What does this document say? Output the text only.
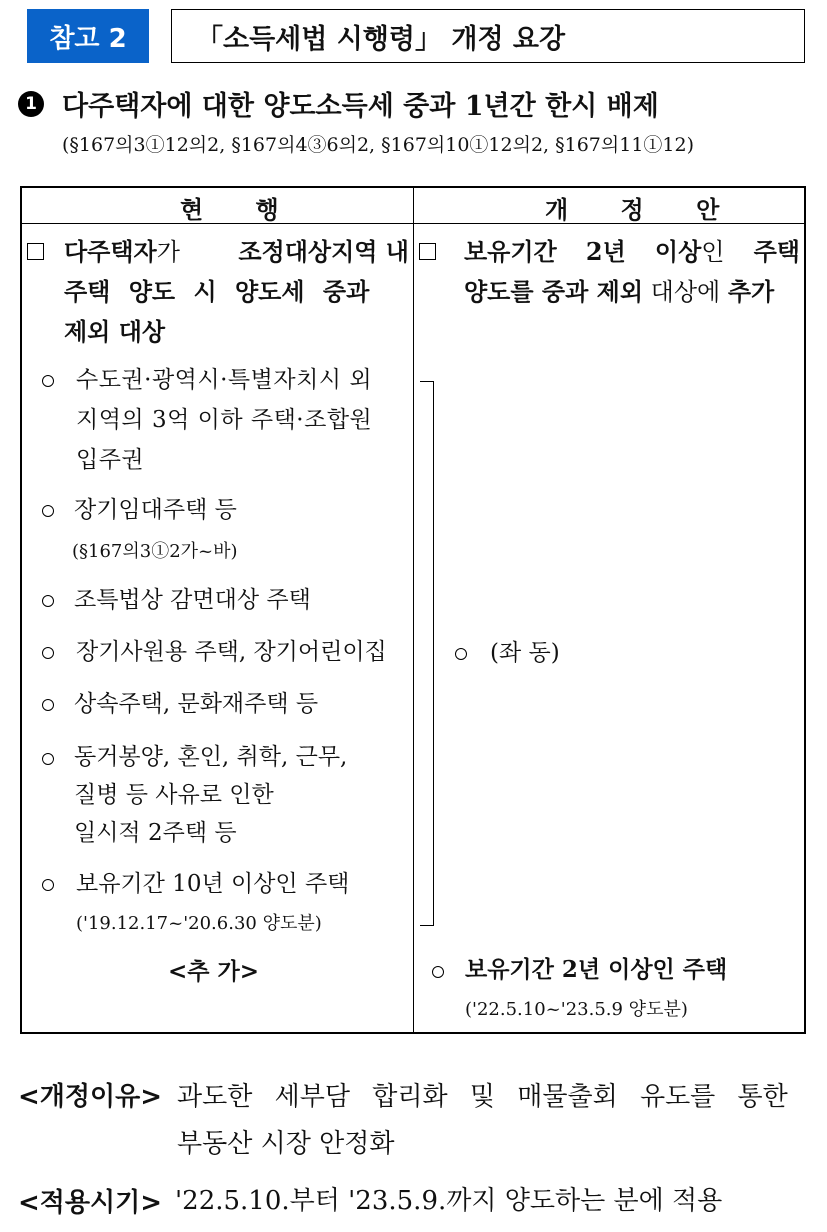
참고 2	「소득세법 시행령」 개정 요강
1 다주택자에 대한 양도소득세 중과 1년간 한시 배제
(§167의3①12의2, §167의4③6의2, §167의10①12의2, §167의11①12)
현 행	개 정 안
다주택자가 조정대상지역 내
주택 양도 시 양도세 중과
제외 대상
수도권·광역시·특별자치시 외
지역의 3억 이하 주택·조합원
입주권
장기임대주택 등
(§167의3①2가~바)
조특법상 감면대상 주택
장기사원용 주택, 장기어린이집
상속주택, 문화재주택 등
동거봉양, 혼인, 취학, 근무,
질병 등 사유로 인한
일시적 2주택 등
보유기간 10년 이상인 주택
('19.12.17~'20.6.30 양도분)
<추 가>
보유기간 2년 이상인 주택
양도를 중과 제외 대상에 추가
(좌 동)
보유기간 2년 이상인 주택
('22.5.10~'23.5.9 양도분)
<개정이유> 과도한 세부담 합리화 및 매물출회 유도를 통한
부동산 시장 안정화
<적용시기> '22.5.10.부터 '23.5.9.까지 양도하는 분에 적용
